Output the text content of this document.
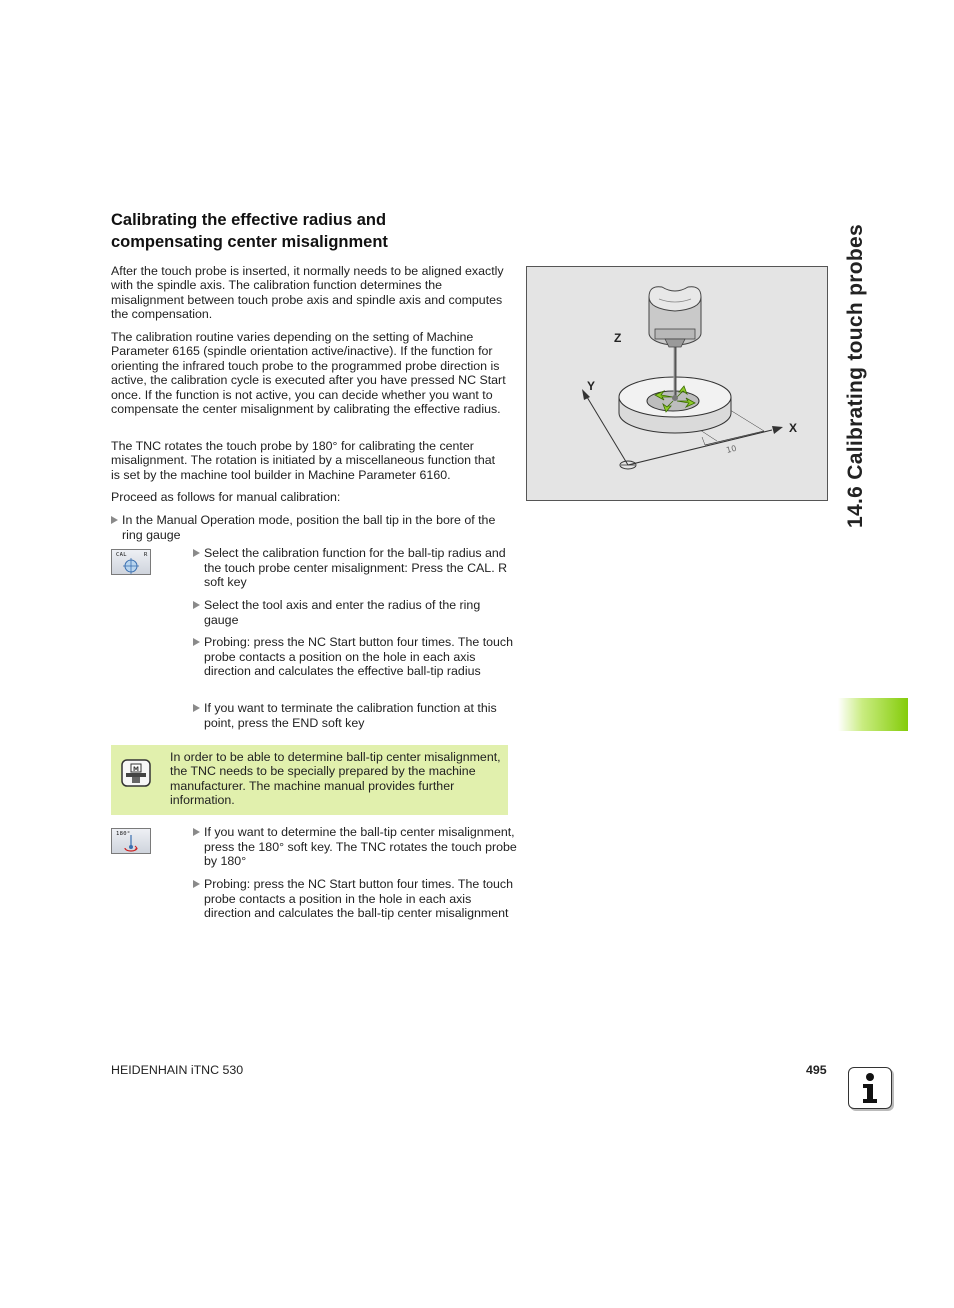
Calibrating the effective radius and
compensating center misalignment
After the touch probe is inserted, it normally needs to be aligned exactly with the spindle axis. The calibration function determines the misalignment between touch probe axis and spindle axis and computes the compensation.
The calibration routine varies depending on the setting of Machine Parameter 6165 (spindle orientation active/inactive). If the function for orienting the infrared touch probe to the programmed probe direction is active, the calibration cycle is executed after you have pressed NC Start once. If the function is not active, you can decide whether you want to compensate the center misalignment by calibrating the effective radius.
The TNC rotates the touch probe by 180° for calibrating the center misalignment. The rotation is initiated by a miscellaneous function that is set by the machine tool builder in Machine Parameter 6160.
Proceed as follows for manual calibration:
In the Manual Operation mode, position the ball tip in the bore of the ring gauge
CAL	R	Select the calibration function for the ball-tip radius and the touch probe center misalignment: Press the CAL. R soft key
Select the tool axis and enter the radius of the ring gauge
Probing: press the NC Start button four times. The touch probe contacts a position on the hole in each axis direction and calculates the effective ball-tip radius
If you want to terminate the calibration function at this point, press the END soft key
M
In order to be able to determine ball-tip center misalignment, the TNC needs to be specially prepared by the machine manufacturer. The machine manual provides further information.
180°	If you want to determine the ball-tip center misalignment, press the 180° soft key. The TNC rotates the touch probe by 180°
Probing: press the NC Start button four times. The touch probe contacts a position in the hole in each axis direction and calculates the ball-tip center misalignment
10
Z
Y
X 14.6 Calibrating touch probes
HEIDENHAIN iTNC 530	495
